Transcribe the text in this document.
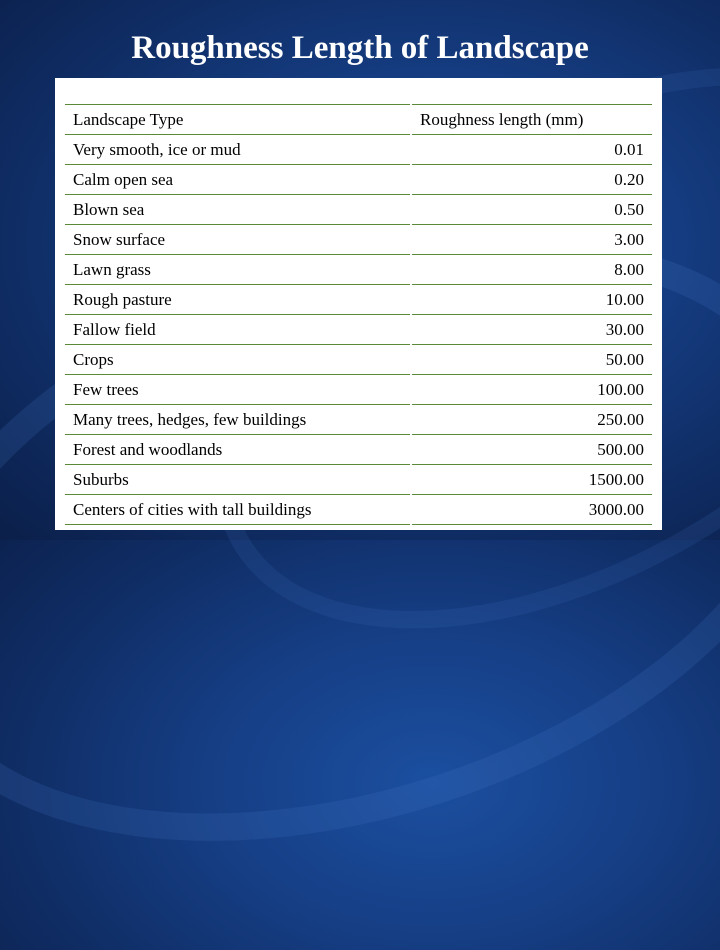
Roughness Length of Landscape
Landscape Type	Roughness length (mm)
Very smooth, ice or mud	0.01
Calm open sea	0.20
Blown sea	0.50
Snow surface	3.00
Lawn grass	8.00
Rough pasture	10.00
Fallow field	30.00
Crops	50.00
Few trees	100.00
Many trees, hedges, few buildings	250.00
Forest and woodlands	500.00
Suburbs	1500.00
Centers of cities with tall buildings	3000.00
